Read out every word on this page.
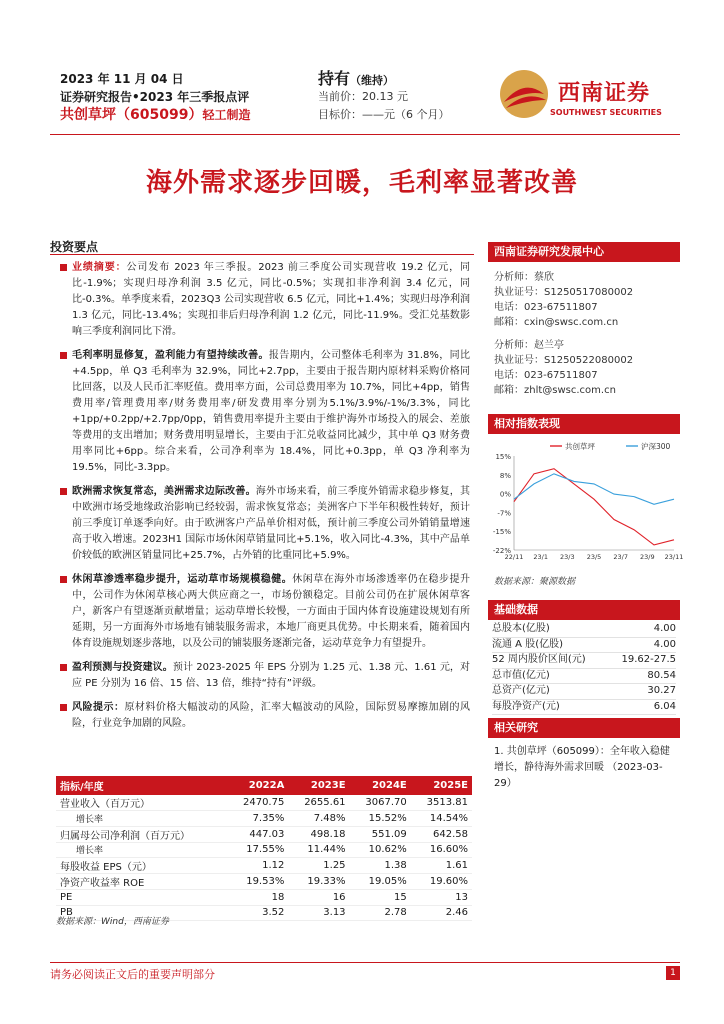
2023 年 11 月 04 日
证券研究报告•2023 年三季报点评
共创草坪（605099）轻工制造
持有（维持）
当前价：20.13 元
目标价：——元（6 个月）
西南证券
SOUTHWEST SECURITIES
海外需求逐步回暖，毛利率显著改善
投资要点
业绩摘要：公司发布 2023 年三季报。2023 前三季度公司实现营收 19.2 亿元，同比-1.9%；实现归母净利润 3.5 亿元，同比-0.5%；实现扣非净利润 3.4 亿元，同比-0.3%。单季度来看，2023Q3 公司实现营收 6.5 亿元，同比+1.4%；实现归母净利润 1.3 亿元，同比-13.4%；实现扣非后归母净利润 1.2 亿元，同比-11.9%。受汇兑基数影响三季度利润同比下滑。
毛利率明显修复，盈利能力有望持续改善。报告期内，公司整体毛利率为 31.8%，同比+4.5pp，单 Q3 毛利率为 32.9%，同比+2.7pp，主要由于报告期内原材料采购价格同比回落，以及人民币汇率贬值。费用率方面，公司总费用率为 10.7%，同比+4pp，销售费用率/管理费用率/财务费用率/研发费用率分别为5.1%/3.9%/-1%/3.3%，同比+1pp/+0.2pp/+2.7pp/0pp，销售费用率提升主要由于维护海外市场投入的展会、差旅等费用的支出增加；财务费用明显增长，主要由于汇兑收益同比减少，其中单 Q3 财务费用率同比+6pp。综合来看，公司净利率为 18.4%，同比+0.3pp，单 Q3 净利率为 19.5%，同比-3.3pp。
欧洲需求恢复常态，美洲需求边际改善。海外市场来看，前三季度外销需求稳步修复，其中欧洲市场受地缘政治影响已经较弱，需求恢复常态；美洲客户下半年积极性转好，预计前三季度订单逐季向好。由于欧洲客户产品单价相对低，预计前三季度公司外销销量增速高于收入增速。2023H1 国际市场休闲草销量同比+5.1%，收入同比-4.3%，其中产品单价较低的欧洲区销量同比+25.7%，占外销的比重同比+5.9%。
休闲草渗透率稳步提升，运动草市场规模稳健。休闲草在海外市场渗透率仍在稳步提升中，公司作为休闲草核心两大供应商之一，市场份额稳定。目前公司仍在扩展休闲草客户，新客户有望逐渐贡献增量；运动草增长较慢，一方面由于国内体育设施建设规划有所延期，另一方面海外市场地有铺装服务需求，本地厂商更具优势。中长期来看，随着国内体育设施规划逐步落地，以及公司的铺装服务逐渐完备，运动草竞争力有望提升。
盈利预测与投资建议。预计 2023-2025 年 EPS 分别为 1.25 元、1.38 元、1.61 元，对应 PE 分别为 16 倍、15 倍、13 倍，维持“持有”评级。
风险提示：原材料价格大幅波动的风险，汇率大幅波动的风险，国际贸易摩擦加剧的风险，行业竞争加剧的风险。
指标/年度	2022A	2023E	2024E	2025E
营业收入（百万元）	2470.75	2655.61	3067.70	3513.81
增长率	7.35%	7.48%	15.52%	14.54%
归属母公司净利润（百万元）	447.03	498.18	551.09	642.58
增长率	17.55%	11.44%	10.62%	16.60%
每股收益 EPS（元）	1.12	1.25	1.38	1.61
净资产收益率 ROE	19.53%	19.33%	19.05%	19.60%
PE	18	16	15	13
PB	3.52	3.13	2.78	2.46
数据来源：Wind，西南证券
西南证券研究发展中心
分析师：蔡欣
执业证号：S1250517080002
电话：023-67511807
邮箱：cxin@swsc.com.cn
分析师：赵兰亭
执业证号：S1250522080002
电话：023-67511807
邮箱：zhlt@swsc.com.cn
相对指数表现
15%
8%
0%
-7%
-15%
-22%
22/11 23/1 23/3 23/5 23/7 23/9 23/11
共创草坪	沪深300
数据来源：聚源数据
基础数据
总股本(亿股)	4.00
流通 A 股(亿股)	4.00
52 周内股价区间(元)	19.62-27.5
总市值(亿元)	80.54
总资产(亿元)	30.27
每股净资产(元)	6.04
相关研究
1. 共创草坪（605099）：全年收入稳健增长，静待海外需求回暖 （2023-03-29）
请务必阅读正文后的重要声明部分	1
